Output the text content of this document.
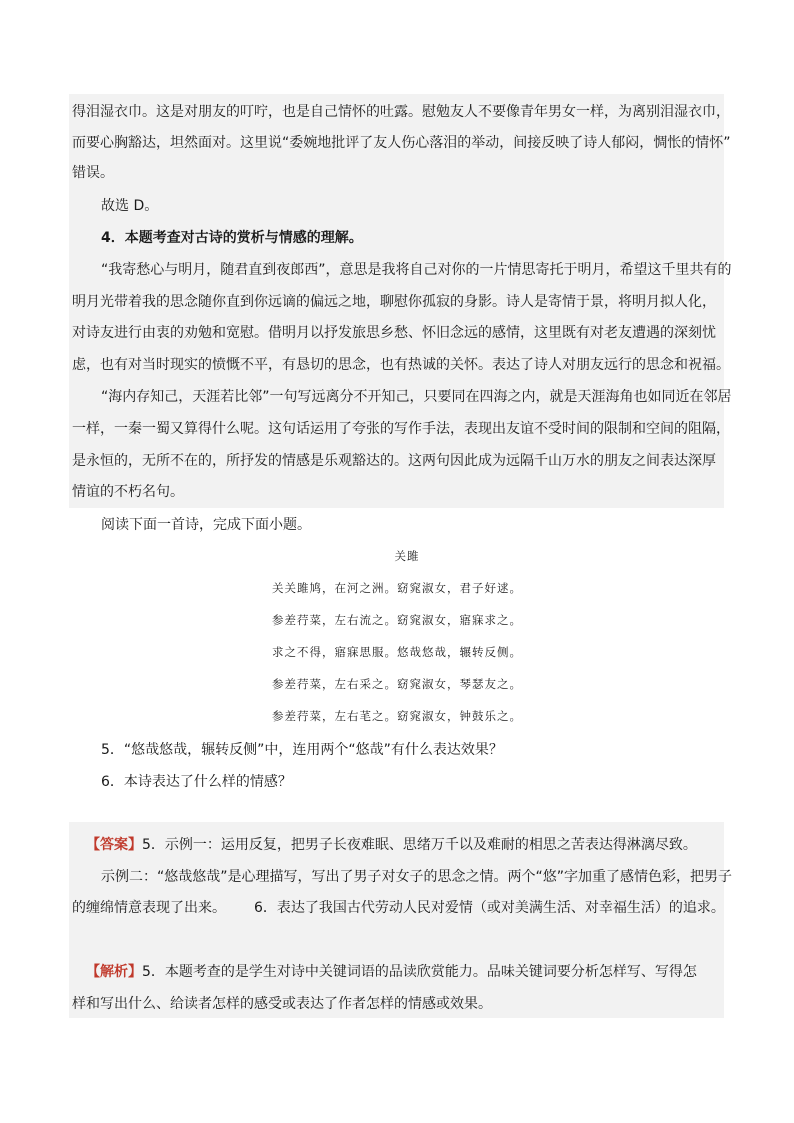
得泪湿衣巾。这是对朋友的叮咛，也是自己情怀的吐露。慰勉友人不要像青年男女一样，为离别泪湿衣巾，
而要心胸豁达，坦然面对。这里说“委婉地批评了友人伤心落泪的举动，间接反映了诗人郁闷，惆怅的情怀”
错误。
故选 D。
4．本题考查对古诗的赏析与情感的理解。
“我寄愁心与明月，随君直到夜郎西”，意思是我将自己对你的一片情思寄托于明月，希望这千里共有的
明月光带着我的思念随你直到你远谪的偏远之地，聊慰你孤寂的身影。诗人是寄情于景，将明月拟人化，
对诗友进行由衷的劝勉和宽慰。借明月以抒发旅思乡愁、怀旧念远的感情，这里既有对老友遭遇的深刻忧
虑，也有对当时现实的愤慨不平，有恳切的思念，也有热诚的关怀。表达了诗人对朋友远行的思念和祝福。
“海内存知己，天涯若比邻”一句写远离分不开知己，只要同在四海之内，就是天涯海角也如同近在邻居
一样，一秦一蜀又算得什么呢。这句话运用了夸张的写作手法，表现出友谊不受时间的限制和空间的阻隔，
是永恒的，无所不在的，所抒发的情感是乐观豁达的。这两句因此成为远隔千山万水的朋友之间表达深厚
情谊的不朽名句。
阅读下面一首诗，完成下面小题。
关雎
关关雎鸠，在河之洲。窈窕淑女，君子好逑。
参差荇菜，左右流之。窈窕淑女，寤寐求之。
求之不得，寤寐思服。悠哉悠哉，辗转反侧。
参差荇菜，左右采之。窈窕淑女，琴瑟友之。
参差荇菜，左右芼之。窈窕淑女，钟鼓乐之。
5．“悠哉悠哉，辗转反侧”中，连用两个“悠哉”有什么表达效果？
6．本诗表达了什么样的情感？
【答案】5．示例一：运用反复，把男子长夜难眠、思绪万千以及难耐的相思之苦表达得淋漓尽致。
示例二：“悠哉悠哉”是心理描写，写出了男子对女子的思念之情。两个“悠”字加重了感情色彩，把男子
的缠绵情意表现了出来。 6．表达了我国古代劳动人民对爱情（或对美满生活、对幸福生活）的追求。
【解析】5．本题考查的是学生对诗中关键词语的品读欣赏能力。品味关键词要分析怎样写、写得怎
样和写出什么、给读者怎样的感受或表达了作者怎样的情感或效果。
